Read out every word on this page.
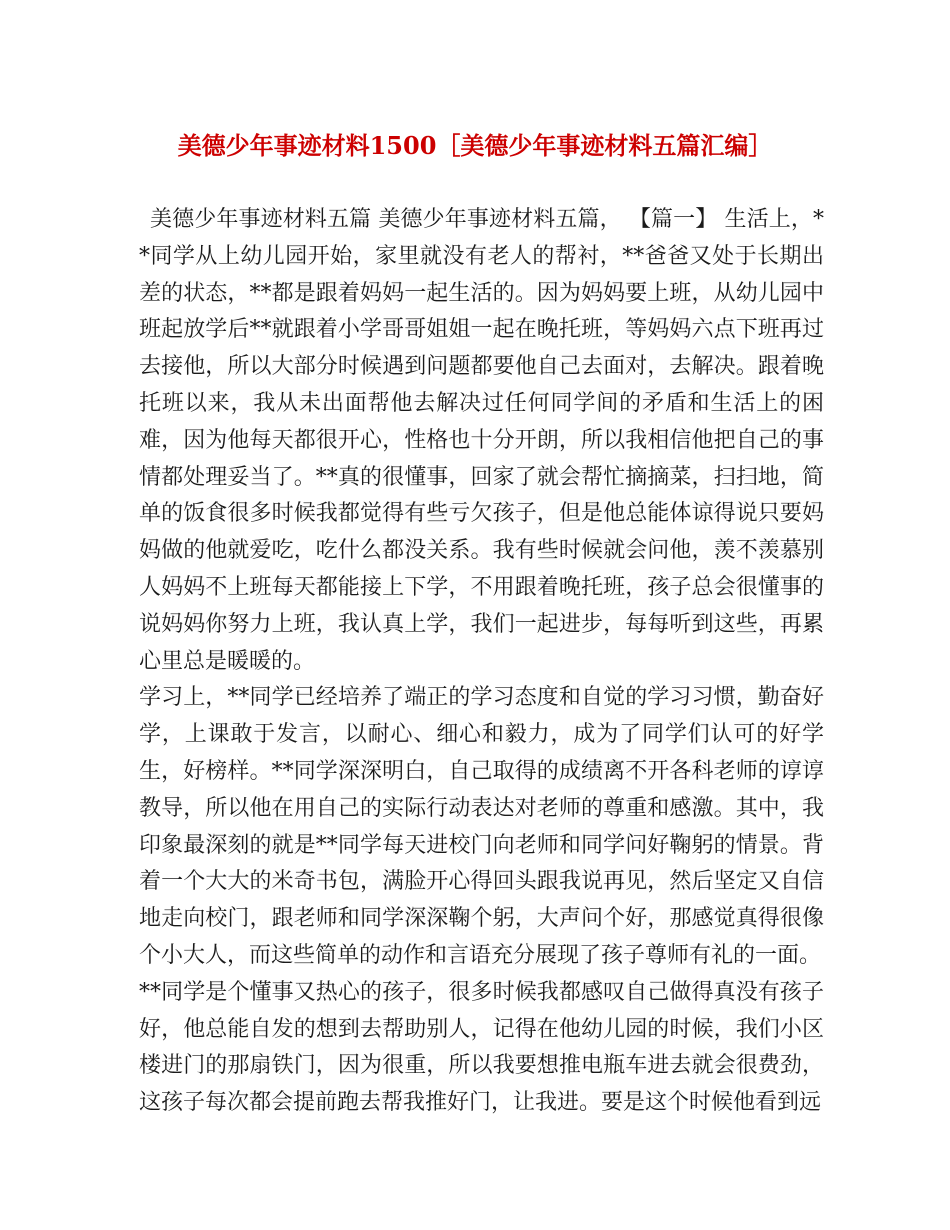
美德少年事迹材料1500［美德少年事迹材料五篇汇编］

美德少年事迹材料五篇 美德少年事迹材料五篇， 【篇一】 生活上，**同学从上幼儿园开始，家里就没有老人的帮衬，**爸爸又处于长期出差的状态，**都是跟着妈妈一起生活的。因为妈妈要上班，从幼儿园中班起放学后**就跟着小学哥哥姐姐一起在晚托班，等妈妈六点下班再过去接他，所以大部分时候遇到问题都要他自己去面对，去解决。跟着晚托班以来，我从未出面帮他去解决过任何同学间的矛盾和生活上的困难，因为他每天都很开心，性格也十分开朗，所以我相信他把自己的事情都处理妥当了。**真的很懂事，回家了就会帮忙摘摘菜，扫扫地，简单的饭食很多时候我都觉得有些亏欠孩子，但是他总能体谅得说只要妈妈做的他就爱吃，吃什么都没关系。我有些时候就会问他，羡不羡慕别人妈妈不上班每天都能接上下学，不用跟着晚托班，孩子总会很懂事的说妈妈你努力上班，我认真上学，我们一起进步，每每听到这些，再累心里总是暖暖的。

学习上，**同学已经培养了端正的学习态度和自觉的学习习惯，勤奋好学，上课敢于发言，以耐心、细心和毅力，成为了同学们认可的好学生，好榜样。**同学深深明白，自己取得的成绩离不开各科老师的谆谆教导，所以他在用自己的实际行动表达对老师的尊重和感激。其中，我印象最深刻的就是**同学每天进校门向老师和同学问好鞠躬的情景。背着一个大大的米奇书包，满脸开心得回头跟我说再见，然后坚定又自信地走向校门，跟老师和同学深深鞠个躬，大声问个好，那感觉真得很像个小大人，而这些简单的动作和言语充分展现了孩子尊师有礼的一面。

**同学是个懂事又热心的孩子，很多时候我都感叹自己做得真没有孩子好，他总能自发的想到去帮助别人，记得在他幼儿园的时候，我们小区楼进门的那扇铁门，因为很重，所以我要想推电瓶车进去就会很费劲，这孩子每次都会提前跑去帮我推好门，让我进。要是这个时候他看到远
